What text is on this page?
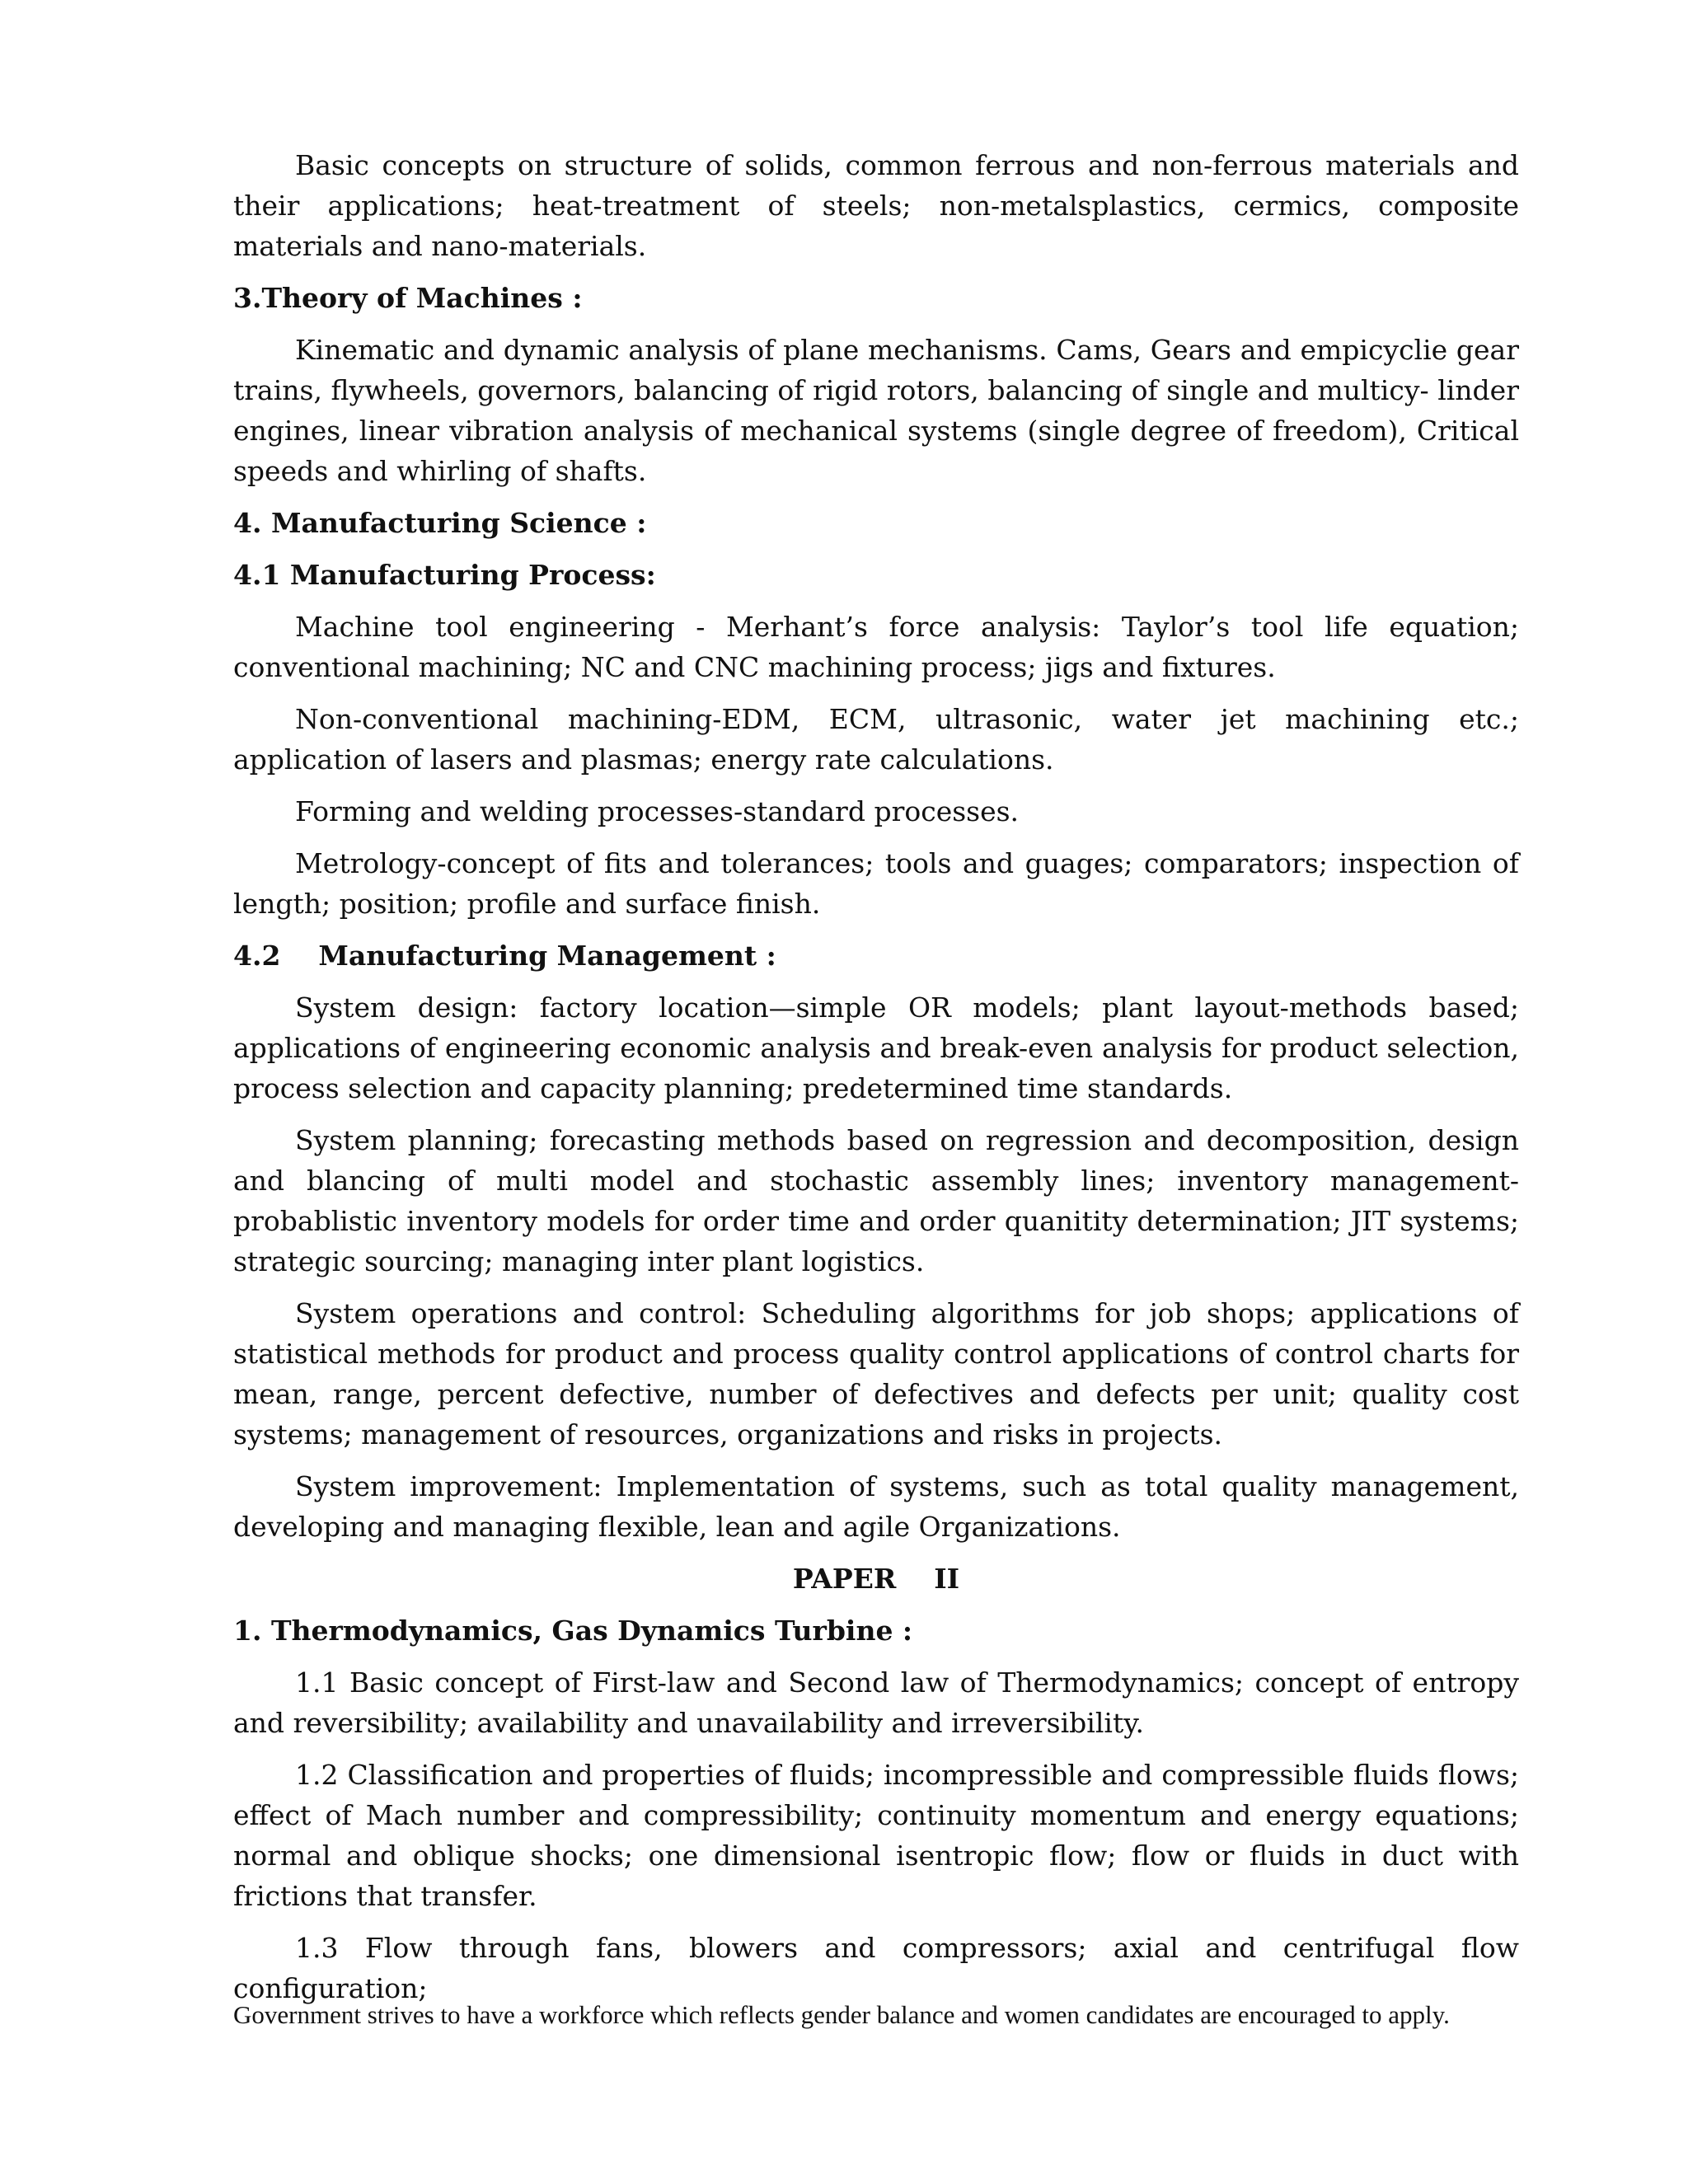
Basic concepts on structure of solids, common ferrous and non-ferrous materials and their applications; heat-treatment of steels; non-metalsplastics, cermics, composite materials and nano-materials.

3.Theory of Machines :

Kinematic and dynamic analysis of plane mechanisms. Cams, Gears and empicyclie gear trains, flywheels, governors, balancing of rigid rotors, balancing of single and multicy- linder engines, linear vibration analysis of mechanical systems (single degree of freedom), Critical speeds and whirling of shafts.

4. Manufacturing Science :

4.1 Manufacturing Process:

Machine tool engineering - Merhant’s force analysis: Taylor’s tool life equation; conventional machining; NC and CNC machining process; jigs and fixtures.

Non-conventional machining-EDM, ECM, ultrasonic, water jet machining etc.; application of lasers and plasmas; energy rate calculations.

Forming and welding processes-standard processes.

Metrology-concept of fits and tolerances; tools and guages; comparators; inspection of length; position; profile and surface finish.

4.2    Manufacturing Management :

System design: factory location—simple OR models; plant layout-methods based; applications of engineering economic analysis and break-even analysis for product selection, process selection and capacity planning; predetermined time standards.

System planning; forecasting methods based on regression and decomposition, design and blancing of multi model and stochastic assembly lines; inventory management-probablistic inventory models for order time and order quanitity determination; JIT systems; strategic sourcing; managing inter plant logistics.

System operations and control: Scheduling algorithms for job shops; applications of statistical methods for product and process quality control applications of control charts for mean, range, percent defective, number of defectives and defects per unit; quality cost systems; management of resources, organizations and risks in projects.

System improvement: Implementation of systems, such as total quality management, developing and managing flexible, lean and agile Organizations.

PAPER    II

1. Thermodynamics, Gas Dynamics Turbine :

1.1 Basic concept of First-law and Second law of Thermodynamics; concept of entropy and reversibility; availability and unavailability and irreversibility.

1.2 Classification and properties of fluids; incompressible and compressible fluids flows; effect of Mach number and compressibility; continuity momentum and energy equations; normal and oblique shocks; one dimensional isentropic flow; flow or fluids in duct with frictions that transfer.

1.3 Flow through fans, blowers and compressors; axial and centrifugal flow configuration;

Government strives to have a workforce which reflects gender balance and women candidates are encouraged to apply.
